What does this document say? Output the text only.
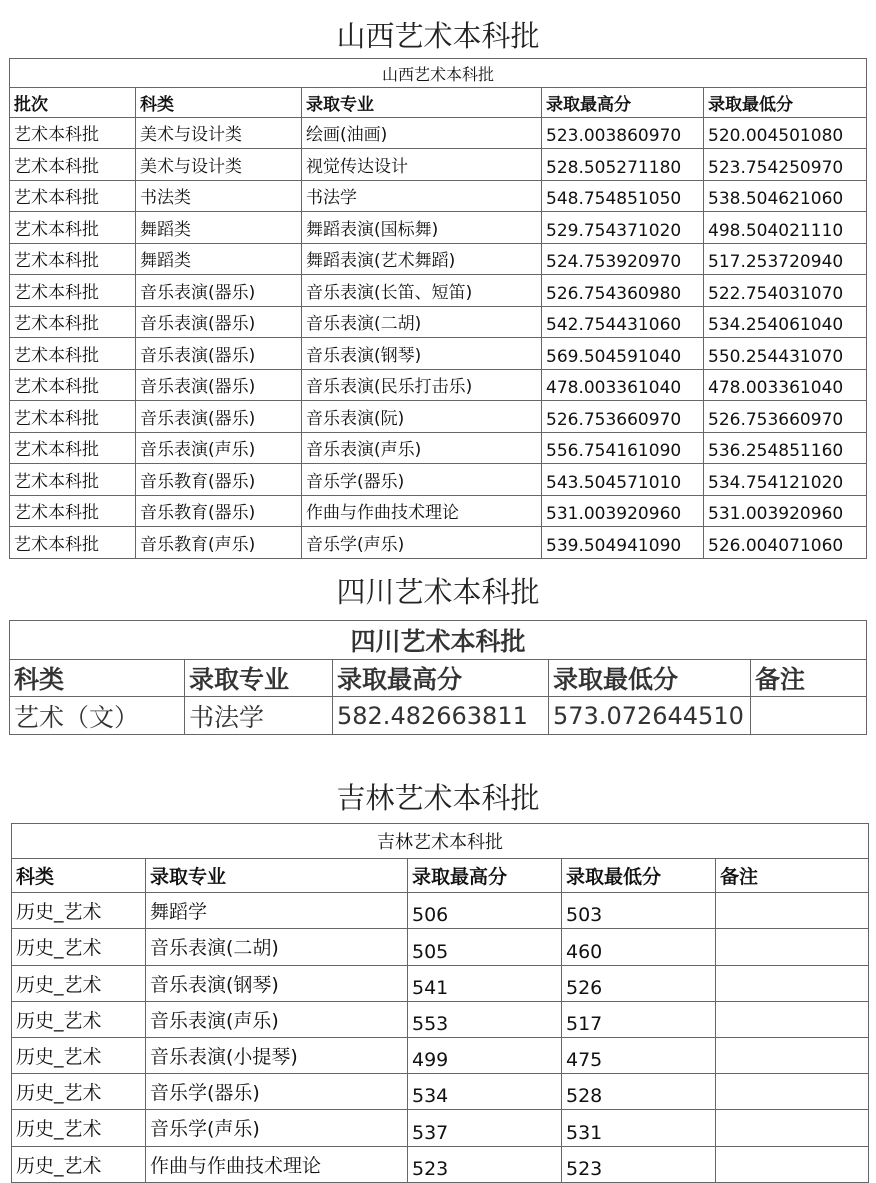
山西艺术本科批
山西艺术本科批				
批次	科类	录取专业	录取最高分	录取最低分
艺术本科批	美术与设计类	绘画(油画)	523.003860970	520.004501080
艺术本科批	美术与设计类	视觉传达设计	528.505271180	523.754250970
艺术本科批	书法类	书法学	548.754851050	538.504621060
艺术本科批	舞蹈类	舞蹈表演(国标舞)	529.754371020	498.504021110
艺术本科批	舞蹈类	舞蹈表演(艺术舞蹈)	524.753920970	517.253720940
艺术本科批	音乐表演(器乐)	音乐表演(长笛、短笛)	526.754360980	522.754031070
艺术本科批	音乐表演(器乐)	音乐表演(二胡)	542.754431060	534.254061040
艺术本科批	音乐表演(器乐)	音乐表演(钢琴)	569.504591040	550.254431070
艺术本科批	音乐表演(器乐)	音乐表演(民乐打击乐)	478.003361040	478.003361040
艺术本科批	音乐表演(器乐)	音乐表演(阮)	526.753660970	526.753660970
艺术本科批	音乐表演(声乐)	音乐表演(声乐)	556.754161090	536.254851160
艺术本科批	音乐教育(器乐)	音乐学(器乐)	543.504571010	534.754121020
艺术本科批	音乐教育(器乐)	作曲与作曲技术理论	531.003920960	531.003920960
艺术本科批	音乐教育(声乐)	音乐学(声乐)	539.504941090	526.004071060
四川艺术本科批
四川艺术本科批				
科类	录取专业	录取最高分	录取最低分	备注
艺术（文）	书法学	582.482663811	573.072644510	
吉林艺术本科批
吉林艺术本科批				
科类	录取专业	录取最高分	录取最低分	备注
历史_艺术	舞蹈学	506	503	
历史_艺术	音乐表演(二胡)	505	460	
历史_艺术	音乐表演(钢琴)	541	526	
历史_艺术	音乐表演(声乐)	553	517	
历史_艺术	音乐表演(小提琴)	499	475	
历史_艺术	音乐学(器乐)	534	528	
历史_艺术	音乐学(声乐)	537	531	
历史_艺术	作曲与作曲技术理论	523	523	
